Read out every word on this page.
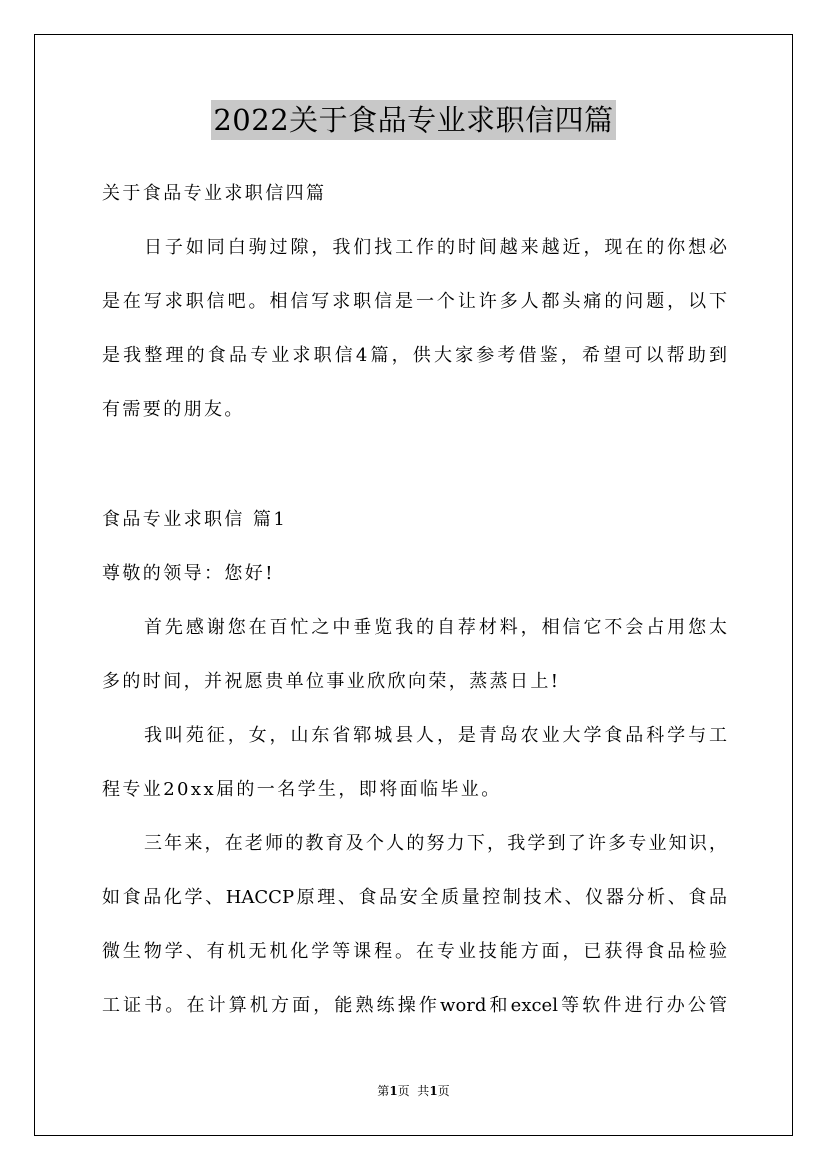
2022关于食品专业求职信四篇
关于食品专业求职信四篇
日子如同白驹过隙，我们找工作的时间越来越近，现在的你想必
是在写求职信吧。相信写求职信是一个让许多人都头痛的问题，以下
是我整理的食品专业求职信4篇，供大家参考借鉴，希望可以帮助到
有需要的朋友。
食品专业求职信 篇1
尊敬的领导：您好!
首先感谢您在百忙之中垂览我的自荐材料，相信它不会占用您太
多的时间，并祝愿贵单位事业欣欣向荣，蒸蒸日上!
我叫苑征，女，山东省郓城县人，是青岛农业大学食品科学与工
程专业20xx届的一名学生，即将面临毕业。
三年来，在老师的教育及个人的努力下，我学到了许多专业知识，
如食品化学、HACCP原理、食品安全质量控制技术、仪器分析、食品
微生物学、有机无机化学等课程。在专业技能方面，已获得食品检验
工证书。在计算机方面，能熟练操作word和excel等软件进行办公管
第1页  共1页
